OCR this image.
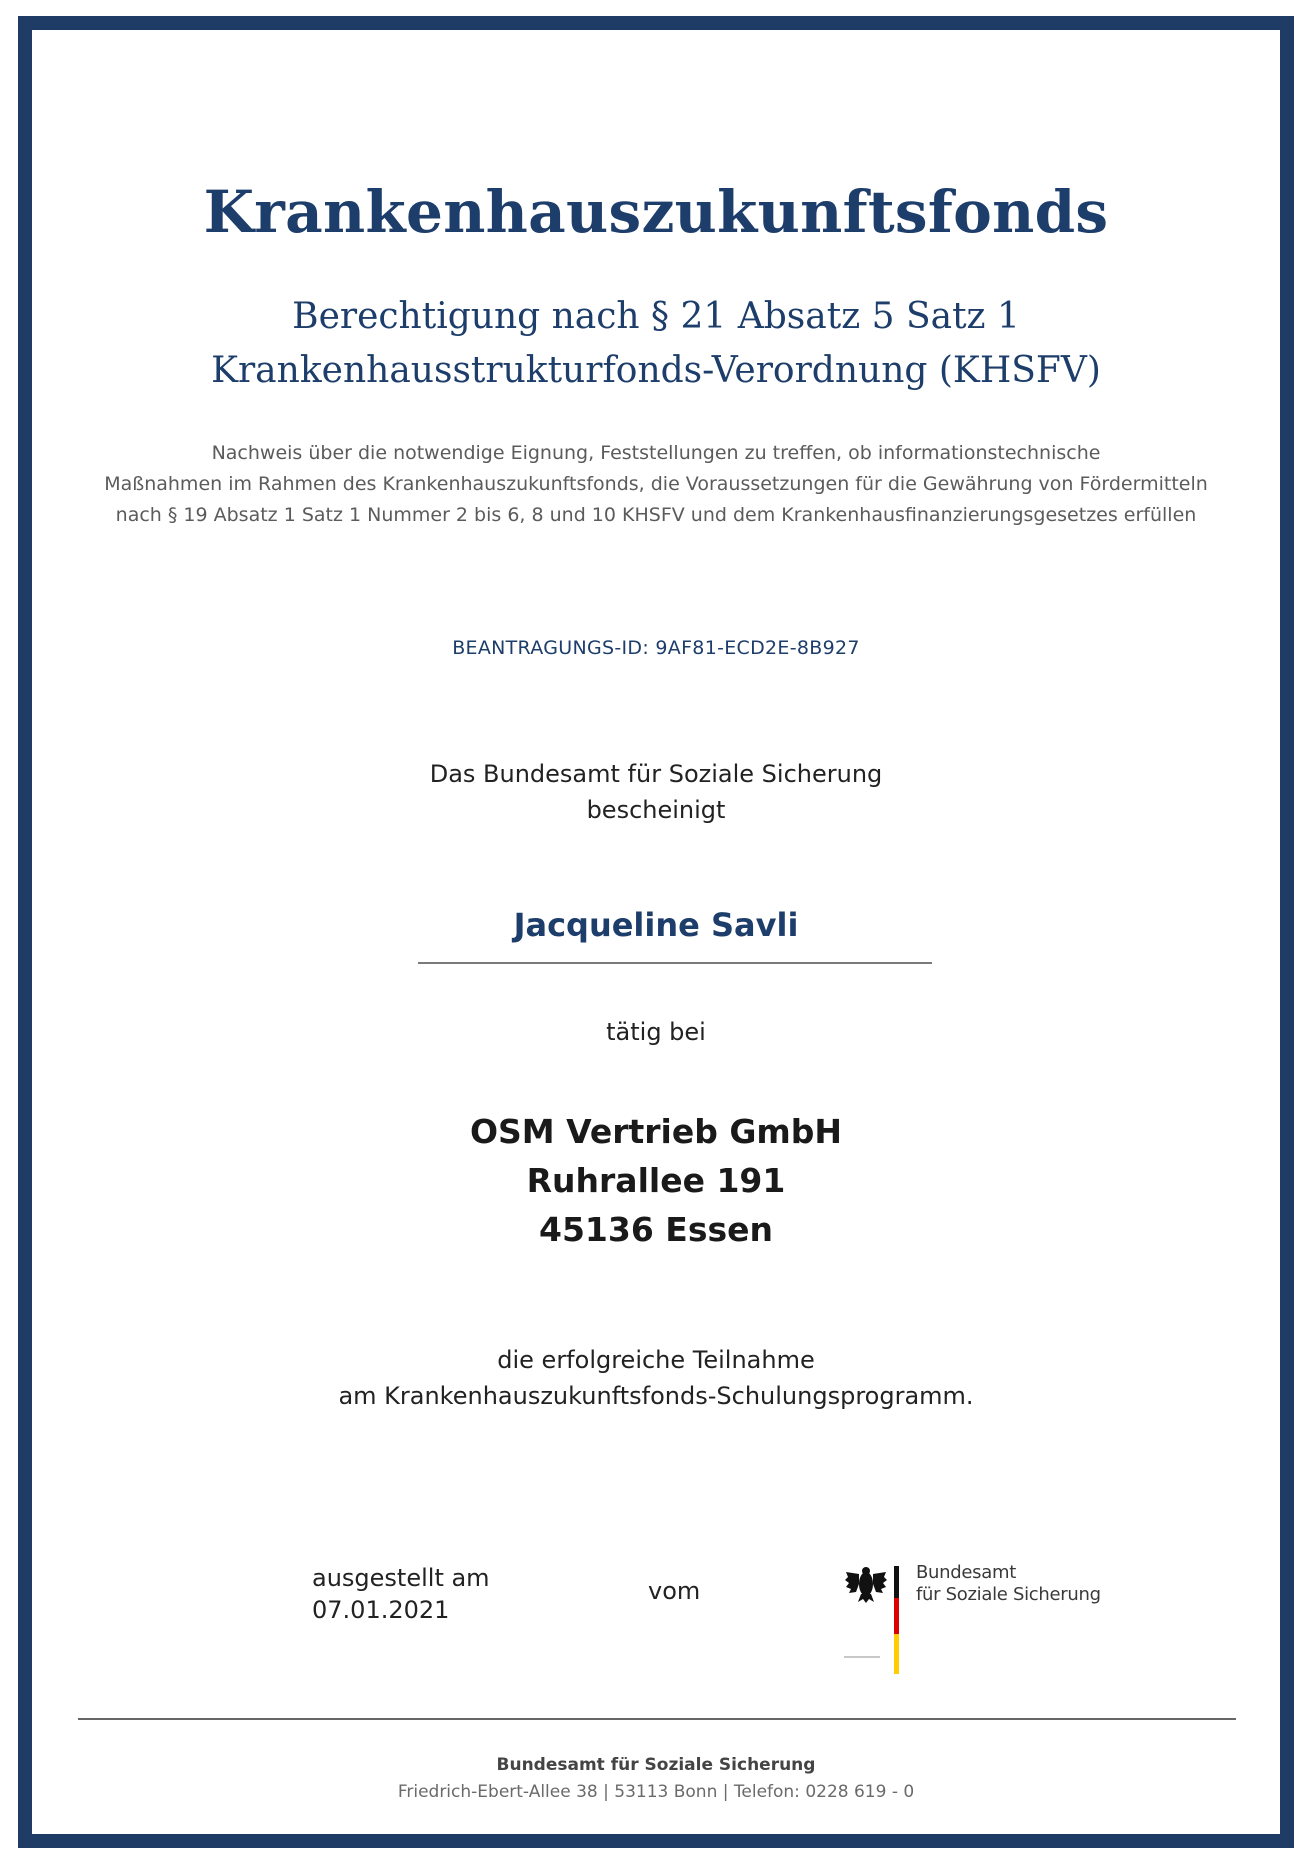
Krankenhauszukunftsfonds
Berechtigung nach § 21 Absatz 5 Satz 1
Krankenhausstrukturfonds-Verordnung (KHSFV)
Nachweis über die notwendige Eignung, Feststellungen zu treffen, ob informationstechnische
Maßnahmen im Rahmen des Krankenhauszukunftsfonds, die Voraussetzungen für die Gewährung von Fördermitteln
nach § 19 Absatz 1 Satz 1 Nummer 2 bis 6, 8 und 10 KHSFV und dem Krankenhausfinanzierungsgesetzes erfüllen
BEANTRAGUNGS-ID: 9AF81-ECD2E-8B927
Das Bundesamt für Soziale Sicherung
bescheinigt
Jacqueline Savli
tätig bei
OSM Vertrieb GmbH
Ruhrallee 191
45136 Essen
die erfolgreiche Teilnahme
am Krankenhauszukunftsfonds-Schulungsprogramm.
ausgestellt am
07.01.2021
vom
Bundesamt
für Soziale Sicherung
Bundesamt für Soziale Sicherung
Friedrich-Ebert-Allee 38 | 53113 Bonn | Telefon: 0228 619 - 0
